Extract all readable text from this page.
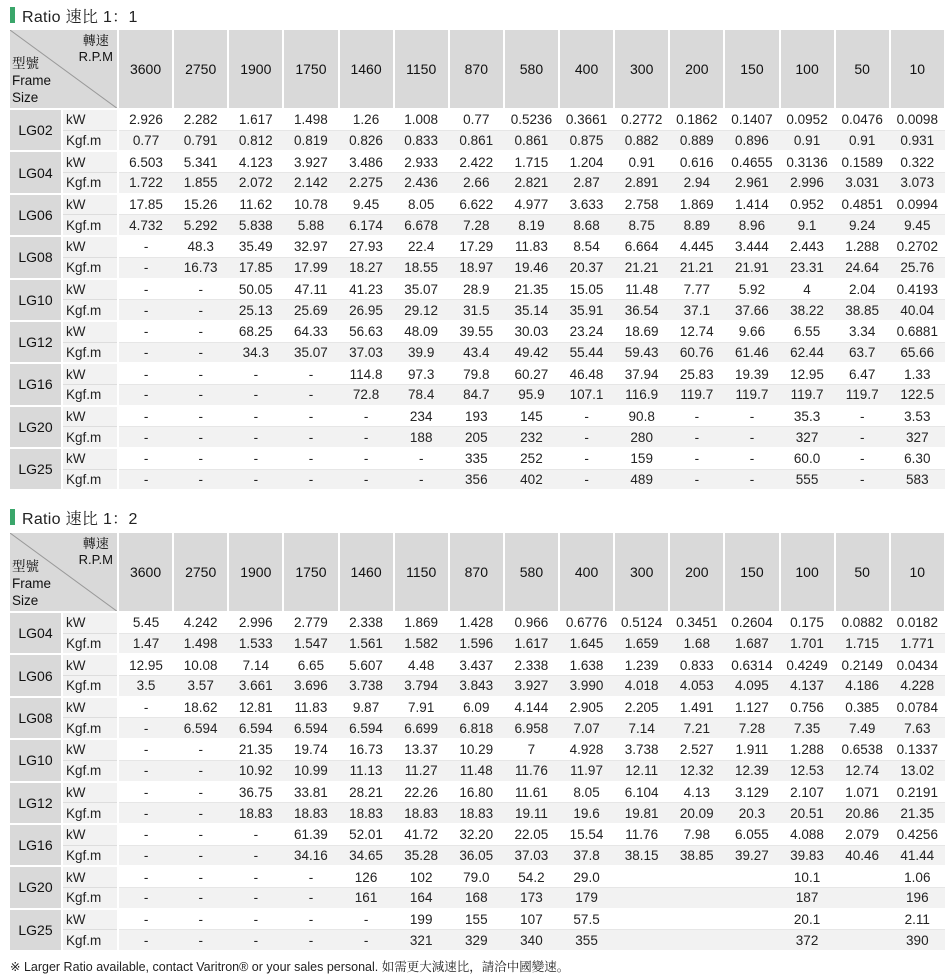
Ratio 速比 1：1
轉速
R.P.M
型號
Frame
Size		3600	2750	1900	1750	1460	1150	870	580	400	300	200	150	100	50	10
LG02	kW	2.926	2.282	1.617	1.498	1.26	1.008	0.77	0.5236	0.3661	0.2772	0.1862	0.1407	0.0952	0.0476	0.0098
	Kgf.m	0.77	0.791	0.812	0.819	0.826	0.833	0.861	0.861	0.875	0.882	0.889	0.896	0.91	0.91	0.931
LG04	kW	6.503	5.341	4.123	3.927	3.486	2.933	2.422	1.715	1.204	0.91	0.616	0.4655	0.3136	0.1589	0.322
	Kgf.m	1.722	1.855	2.072	2.142	2.275	2.436	2.66	2.821	2.87	2.891	2.94	2.961	2.996	3.031	3.073
LG06	kW	17.85	15.26	11.62	10.78	9.45	8.05	6.622	4.977	3.633	2.758	1.869	1.414	0.952	0.4851	0.0994
	Kgf.m	4.732	5.292	5.838	5.88	6.174	6.678	7.28	8.19	8.68	8.75	8.89	8.96	9.1	9.24	9.45
LG08	kW	-	48.3	35.49	32.97	27.93	22.4	17.29	11.83	8.54	6.664	4.445	3.444	2.443	1.288	0.2702
	Kgf.m	-	16.73	17.85	17.99	18.27	18.55	18.97	19.46	20.37	21.21	21.21	21.91	23.31	24.64	25.76
LG10	kW	-	-	50.05	47.11	41.23	35.07	28.9	21.35	15.05	11.48	7.77	5.92	4	2.04	0.4193
	Kgf.m	-	-	25.13	25.69	26.95	29.12	31.5	35.14	35.91	36.54	37.1	37.66	38.22	38.85	40.04
LG12	kW	-	-	68.25	64.33	56.63	48.09	39.55	30.03	23.24	18.69	12.74	9.66	6.55	3.34	0.6881
	Kgf.m	-	-	34.3	35.07	37.03	39.9	43.4	49.42	55.44	59.43	60.76	61.46	62.44	63.7	65.66
LG16	kW	-	-	-	-	114.8	97.3	79.8	60.27	46.48	37.94	25.83	19.39	12.95	6.47	1.33
	Kgf.m	-	-	-	-	72.8	78.4	84.7	95.9	107.1	116.9	119.7	119.7	119.7	119.7	122.5
LG20	kW	-	-	-	-	-	234	193	145	-	90.8	-	-	35.3	-	3.53
	Kgf.m	-	-	-	-	-	188	205	232	-	280	-	-	327	-	327
LG25	kW	-	-	-	-	-	-	335	252	-	159	-	-	60.0	-	6.30
	Kgf.m	-	-	-	-	-	-	356	402	-	489	-	-	555	-	583
Ratio 速比 1：2
轉速
R.P.M
型號
Frame
Size		3600	2750	1900	1750	1460	1150	870	580	400	300	200	150	100	50	10
LG04	kW	5.45	4.242	2.996	2.779	2.338	1.869	1.428	0.966	0.6776	0.5124	0.3451	0.2604	0.175	0.0882	0.0182
	Kgf.m	1.47	1.498	1.533	1.547	1.561	1.582	1.596	1.617	1.645	1.659	1.68	1.687	1.701	1.715	1.771
LG06	kW	12.95	10.08	7.14	6.65	5.607	4.48	3.437	2.338	1.638	1.239	0.833	0.6314	0.4249	0.2149	0.0434
	Kgf.m	3.5	3.57	3.661	3.696	3.738	3.794	3.843	3.927	3.990	4.018	4.053	4.095	4.137	4.186	4.228
LG08	kW	-	18.62	12.81	11.83	9.87	7.91	6.09	4.144	2.905	2.205	1.491	1.127	0.756	0.385	0.0784
	Kgf.m	-	6.594	6.594	6.594	6.594	6.699	6.818	6.958	7.07	7.14	7.21	7.28	7.35	7.49	7.63
LG10	kW	-	-	21.35	19.74	16.73	13.37	10.29	7	4.928	3.738	2.527	1.911	1.288	0.6538	0.1337
	Kgf.m	-	-	10.92	10.99	11.13	11.27	11.48	11.76	11.97	12.11	12.32	12.39	12.53	12.74	13.02
LG12	kW	-	-	36.75	33.81	28.21	22.26	16.80	11.61	8.05	6.104	4.13	3.129	2.107	1.071	0.2191
	Kgf.m	-	-	18.83	18.83	18.83	18.83	18.83	19.11	19.6	19.81	20.09	20.3	20.51	20.86	21.35
LG16	kW	-	-	-	61.39	52.01	41.72	32.20	22.05	15.54	11.76	7.98	6.055	4.088	2.079	0.4256
	Kgf.m	-	-	-	34.16	34.65	35.28	36.05	37.03	37.8	38.15	38.85	39.27	39.83	40.46	41.44
LG20	kW	-	-	-	-	126	102	79.0	54.2	29.0				10.1		1.06
	Kgf.m	-	-	-	-	161	164	168	173	179				187		196
LG25	kW	-	-	-	-	-	199	155	107	57.5				20.1		2.11
	Kgf.m	-	-	-	-	-	321	329	340	355				372		390
※ Larger Ratio available, contact Varitron® or your sales personal. 如需更大減速比，請洽中國變速。
